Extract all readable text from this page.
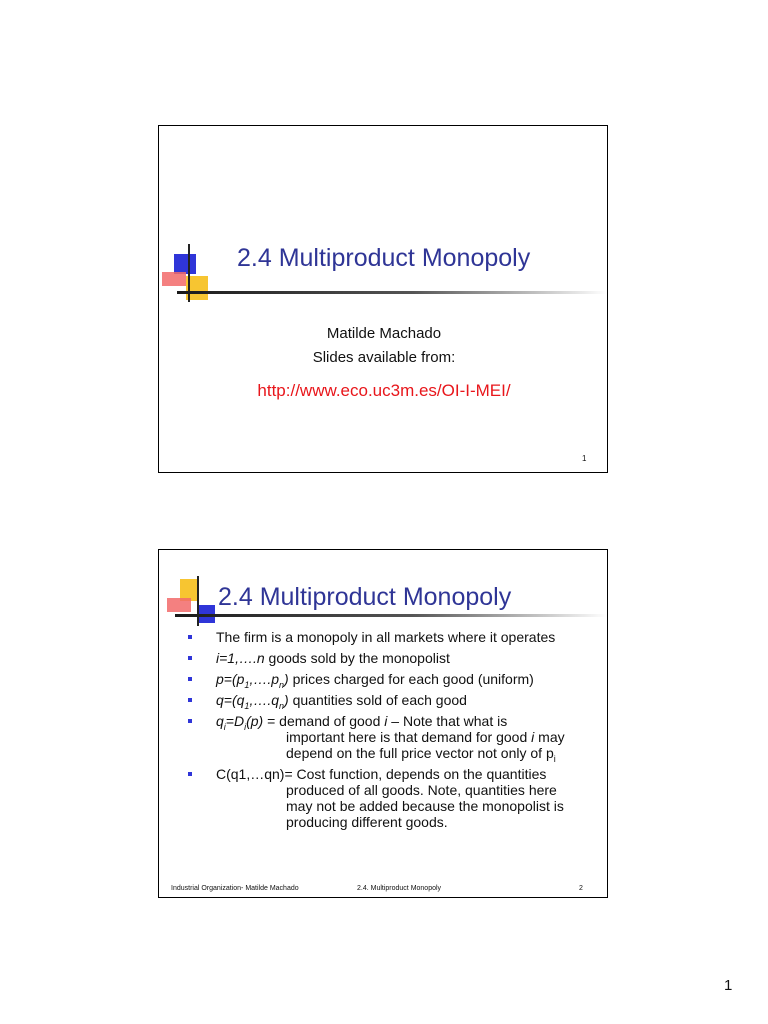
2.4 Multiproduct Monopoly
Matilde Machado
Slides available from:
http://www.eco.uc3m.es/OI-I-MEI/
1
2.4 Multiproduct Monopoly
The firm is a monopoly in all markets where it operates
i=1,….n goods sold by the monopolist
$p=(p_1,\dots.p_n)$ prices charged for each good (uniform)
$q=(q_1,\dots.q_n)$ quantities sold of each good
$q_i=D_i(p)$ = demand of good i – Note that what is
important here is that demand for good i may
depend on the full price vector not only of $p_i$
C(q1,…qn)= Cost function, depends on the quantities
produced of all goods. Note, quantities here
may not be added because the monopolist is
producing different goods.
Industrial Organization- Matilde Machado	2.4. Multiproduct Monopoly	2
1
